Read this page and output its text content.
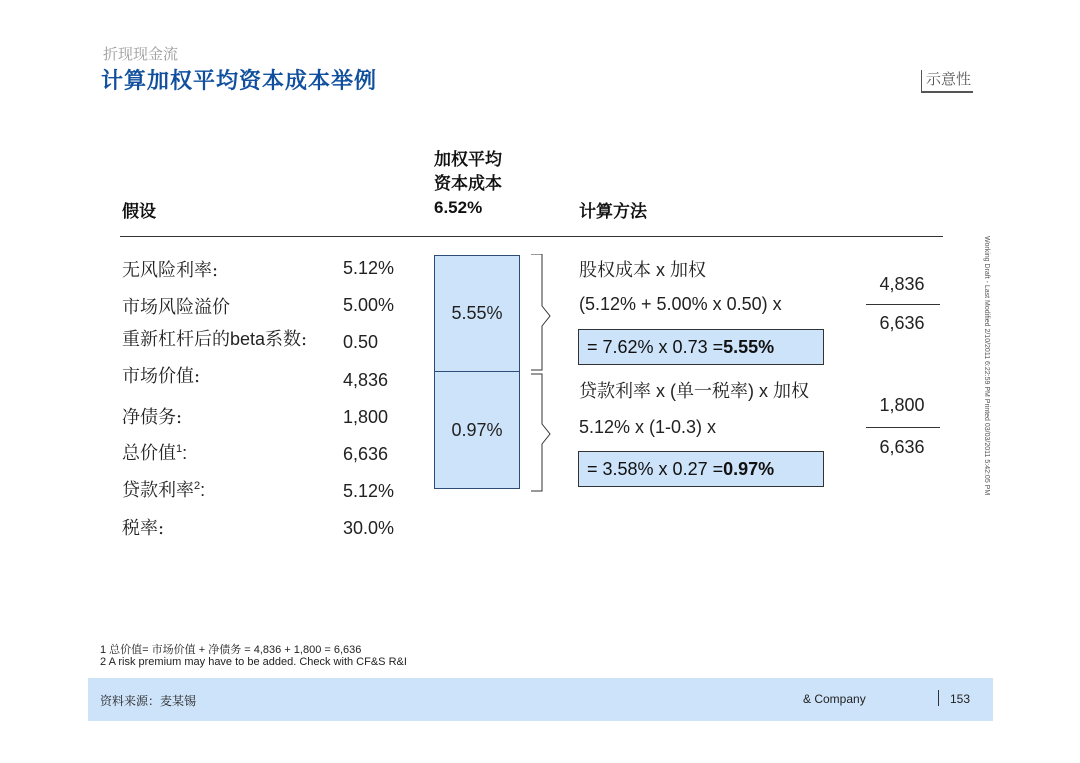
折现现金流
计算加权平均资本成本举例	示意性
假设
加权平均
资本成本
6.52%	计算方法
无风险利率:	5.12%
市场风险溢价	5.00%
重新杠杆后的beta系数: 0.50
市场价值:	4,836
净债务:	1,800
总价值$^1$:	6,636
贷款利率$^2$:	5.12%
税率:	30.0%
5.55%
0.97%
股权成本 x 加权
(5.12% + 5.00% x 0.50) x
= 7.62% x 0.73 =5.55%
4,836
6,636
贷款利率 x (单一税率) x 加权
5.12% x (1-0.3) x
= 3.58% x 0.27 =0.97%
1,800
6,636	Working Draft - Last Modified 2/10/2011 6:22:59 PM Printed 03/03/2011 5:42:05 PM
1 总价值= 市场价值 + 净债务 = 4,836 + 1,800 = 6,636
2 A risk premium may have to be added. Check with CF&S R&I
资料来源：麦某锡	& Company	153
